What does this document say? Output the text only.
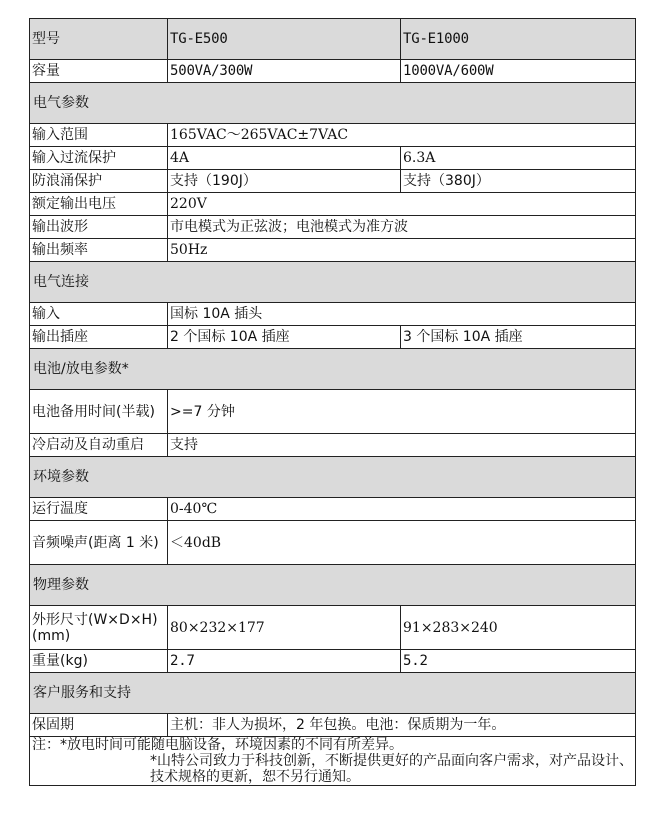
型号	TG-E500	TG-E1000
容量	500VA/300W	1000VA/600W
电气参数		
输入范围	165VAC～265VAC±7VAC	
输入过流保护	4A	6.3A
防浪涌保护	支持（190J）	支持（380J）
额定输出电压	220V	
输出波形	市电模式为正弦波；电池模式为准方波	
输出频率	50Hz	
电气连接		
输入	国标 10A 插头	
输出插座	2 个国标 10A 插座	3 个国标 10A 插座
电池/放电参数*		
电池备用时间(半载)	>=7 分钟	
冷启动及自动重启	支持	
环境参数		
运行温度	0-40℃	
音频噪声(距离 1 米)	＜40dB	
物理参数		
外形尺寸(W×D×H)(mm)	80×232×177	91×283×240
重量(kg)	2.7	5.2
客户服务和支持		
保固期	主机：非人为损坏，2 年包换。电池：保质期为一年。	

注：*放电时间可能随电脑设备，环境因素的不同有所差异。
*山特公司致力于科技创新，不断提供更好的产品面向客户需求，对产品设计、技术规格的更新，恕不另行通知。		
